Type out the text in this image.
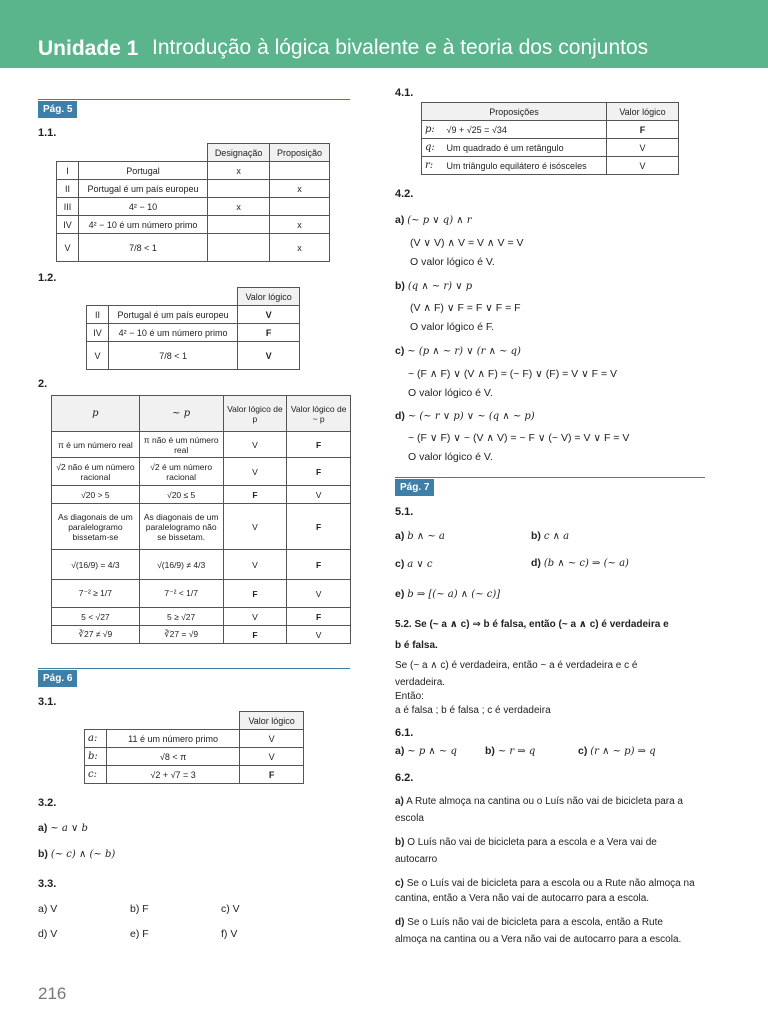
Unidade 1 Introdução à lógica bivalente e à teoria dos conjuntos
Pág. 5
1.1.
		Designação	Proposição
I	Portugal	x	
II	Portugal é um país europeu		x
III	4² − 10	x	
IV	4² − 10 é um número primo		x
V	7/8 < 1		x
1.2.
		Valor lógico
II	Portugal é um país europeu	V
IV	4² − 10 é um número primo	F
V	7/8 < 1	V
2.
p	~ p	Valor lógico de p	Valor lógico de ~ p
π é um número real	π não é um número real	V	F
√2 não é um número racional	√2 é um número racional	V	F
√20 > 5	√20 ≤ 5	F	V
As diagonais de um paralelogramo bissetam-se	As diagonais de um paralelogramo não se bissetam.	V	F
√(16/9) = 4/3	√(16/9) ≠ 4/3	V	F
7⁻² ≥ 1/7	7⁻² < 1/7	F	V
5 < √27	5 ≥ √27	V	F
∛27 ≠ √9	∛27 = √9	F	V
Pág. 6
3.1.
		Valor lógico
a:	11 é um número primo	V
b:	√8 < π	V
c:	√2 + √7 = 3	F
3.2.
a) ~ a ∨ b
b) (~ c) ∧ (~ b)
3.3.
a) V	b) F	c) V
d) V	e) F	f) V
4.1.
Proposições		Valor lógico
p:	√9 + √25 = √34	F
q:	Um quadrado é um retângulo	V
r:	Um triângulo equilátero é isósceles	V
4.2.
a) (~ p ∨ q) ∧ r
(V ∨ V) ∧ V = V ∧ V = V
O valor lógico é V.
b) (q ∧ ~ r) ∨ p
(V ∧ F) ∨ F = F ∨ F = F
O valor lógico é F.
c) ~ (p ∧ ~ r) ∨ (r ∧ ~ q)
~ (F ∧ F) ∨ (V ∧ F) = (~ F) ∨ (F) = V ∨ F = V
O valor lógico é V.
d) ~ (~ r ∨ p) ∨ ~ (q ∧ ~ p)
~ (F ∨ F) ∨ ~ (V ∧ V) = ~ F ∨ (~ V) = V ∨ F = V
O valor lógico é V.
Pág. 7
5.1.
a) b ∧ ~ a	b) c ∧ a
c) a ∨ c	d) (b ∧ ~ c) ⇒ (~ a)
e) b ⇒ [(~ a) ∧ (~ c)]
5.2. Se (~ a ∧ c) ⇒ b é falsa, então (~ a ∧ c) é verdadeira e
b é falsa.
Se (~ a ∧ c) é verdadeira, então ~ a é verdadeira e c é
verdadeira.
Então:
a é falsa ; b é falsa ; c é verdadeira
6.1.
a) ~ p ∧ ~ q	b) ~ r ⇒ q	c) (r ∧ ~ p) ⇒ q
6.2.
a) A Rute almoça na cantina ou o Luís não vai de bicicleta para a
escola
b) O Luís não vai de bicicleta para a escola e a Vera vai de
autocarro
c) Se o Luís vai de bicicleta para a escola ou a Rute não almoça na
cantina, então a Vera não vai de autocarro para a escola.
d) Se o Luís não vai de bicicleta para a escola, então a Rute
almoça na cantina ou a Vera não vai de autocarro para a escola.
216
